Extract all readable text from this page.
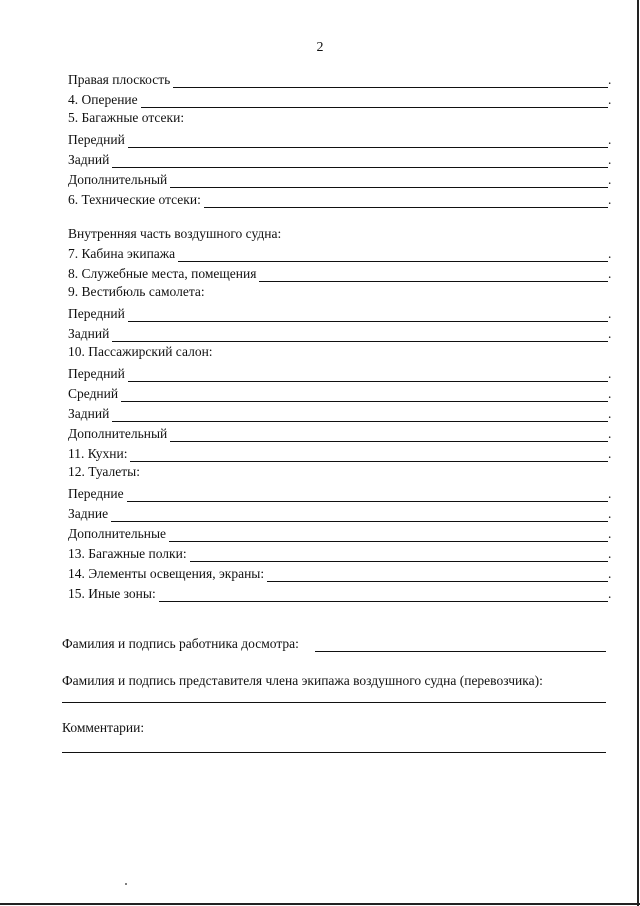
2
Правая плоскость	.
4. Оперение	.
5. Багажные отсеки:
Передний	.
Задний	.
Дополнительный	.
6. Технические отсеки:	.
Внутренняя часть воздушного судна:
7. Кабина экипажа	.
8. Служебные места, помещения	.
9. Вестибюль самолета:
Передний	.
Задний	.
10. Пассажирский салон:
Передний	.
Средний	.
Задний	.
Дополнительный	.
11. Кухни:	.
12. Туалеты:
Передние	.
Задние	.
Дополнительные	.
13. Багажные полки:	.
14. Элементы освещения, экраны:	.
15. Иные зоны:	.
Фамилия и подпись работника досмотра:
Фамилия и подпись представителя члена экипажа воздушного судна (перевозчика):
Комментарии:
